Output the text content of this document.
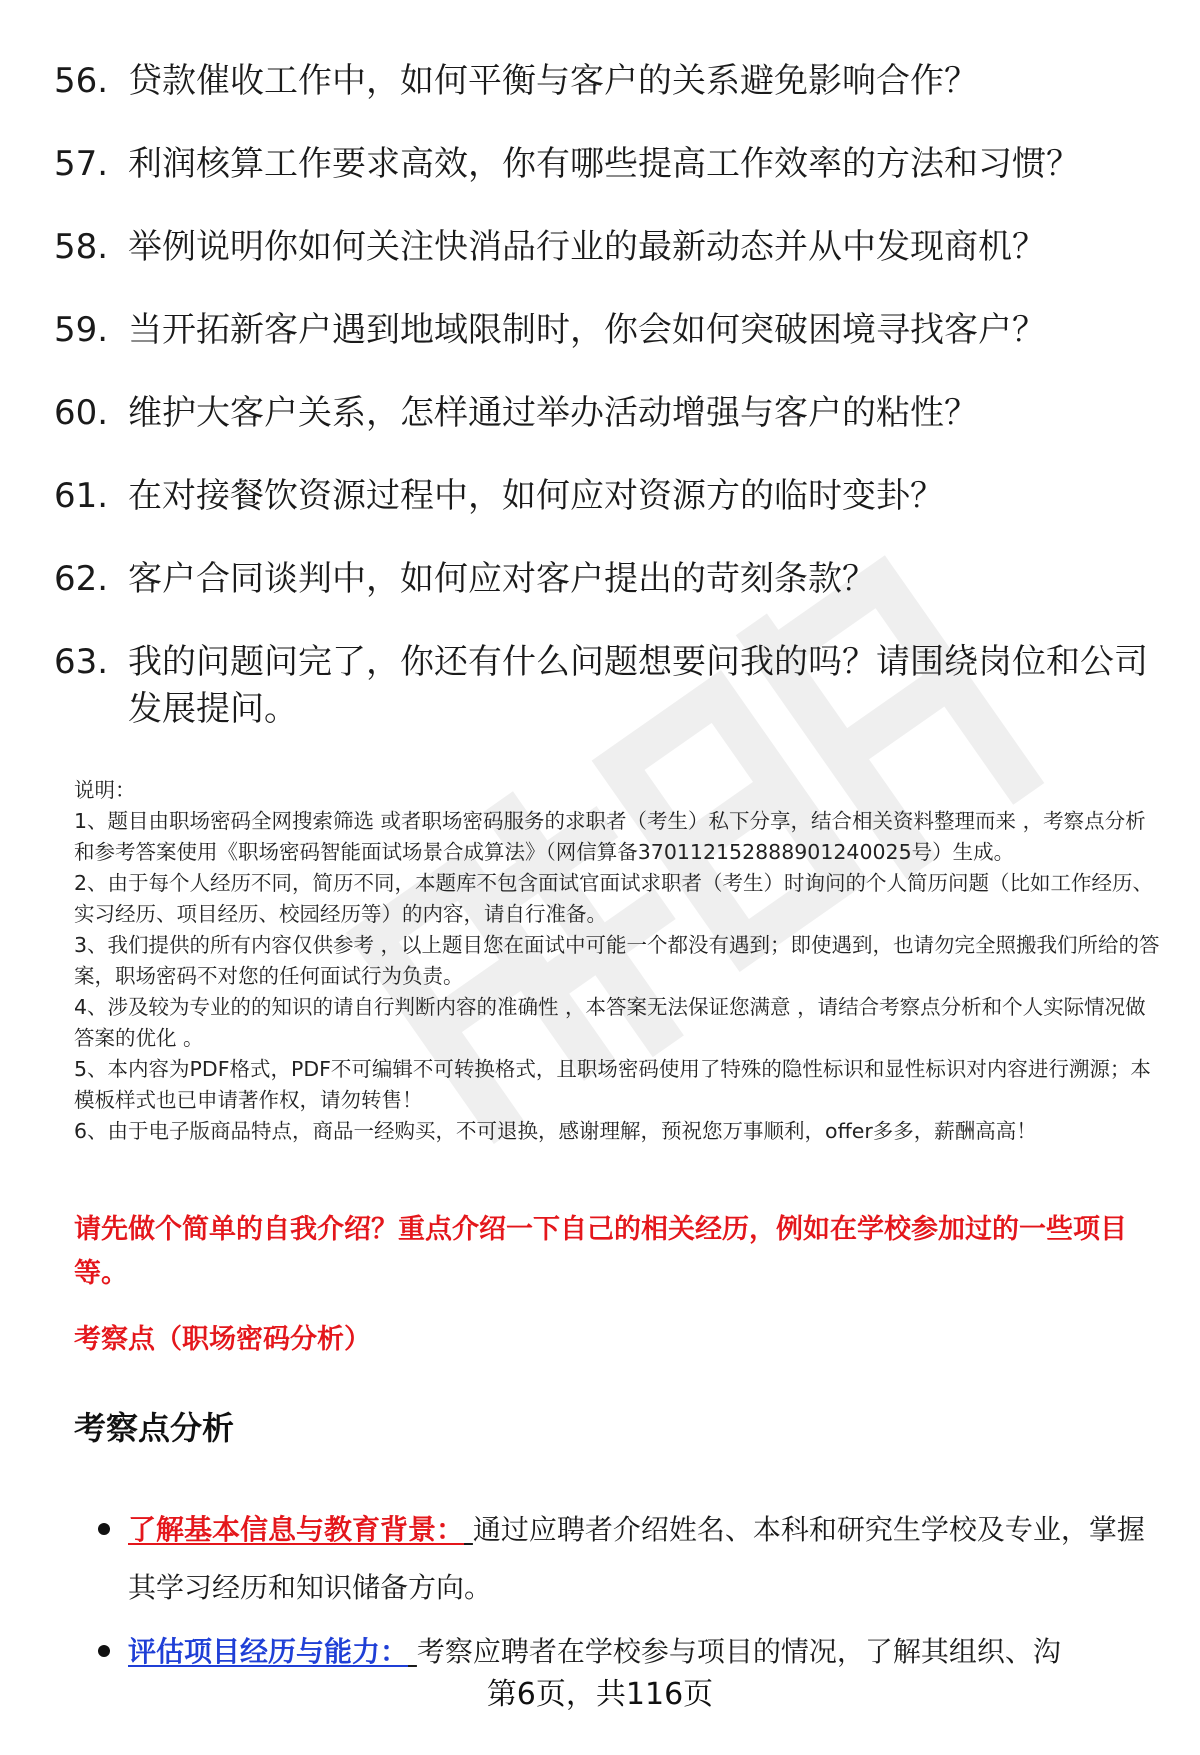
56. 贷款催收工作中，如何平衡与客户的关系避免影响合作？
57. 利润核算工作要求高效，你有哪些提高工作效率的方法和习惯？
58. 举例说明你如何关注快消品行业的最新动态并从中发现商机？
59. 当开拓新客户遇到地域限制时，你会如何突破困境寻找客户？
60. 维护大客户关系，怎样通过举办活动增强与客户的粘性？
61. 在对接餐饮资源过程中，如何应对资源方的临时变卦？
62. 客户合同谈判中，如何应对客户提出的苛刻条款？
63. 我的问题问完了，你还有什么问题想要问我的吗？请围绕岗位和公司发展提问。

说明：

1、题目由职场密码全网搜索筛选 或者职场密码服务的求职者（考生）私下分享，结合相关资料整理而来 ，考察点分析和参考答案使用《职场密码智能面试场景合成算法》（网信算备370112152888901240025号）生成。

2、由于每个人经历不同，简历不同，本题库不包含面试官面试求职者（考生）时询问的个人简历问题（比如工作经历、实习经历、项目经历、校园经历等）的内容，请自行准备。

3、我们提供的所有内容仅供参考 ，以上题目您在面试中可能一个都没有遇到；即使遇到，也请勿完全照搬我们所给的答案，职场密码不对您的任何面试行为负责。

4、涉及较为专业的的知识的请自行判断内容的准确性 ，本答案无法保证您满意 ，请结合考察点分析和个人实际情况做答案的优化 。

5、本内容为PDF格式，PDF不可编辑不可转换格式，且职场密码使用了特殊的隐性标识和显性标识对内容进行溯源；本模板样式也已申请著作权，请勿转售！

6、由于电子版商品特点，商品一经购买，不可退换，感谢理解，预祝您万事顺利，offer多多，薪酬高高！

请先做个简单的自我介绍？重点介绍一下自己的相关经历，例如在学校参加过的一些项目等。
考察点（职场密码分析）
考察点分析
了解基本信息与教育背景： 通过应聘者介绍姓名、本科和研究生学校及专业，掌握其学习经历和知识储备方向。
评估项目经历与能力： 考察应聘者在学校参与项目的情况，了解其组织、沟
第6页，共116页
